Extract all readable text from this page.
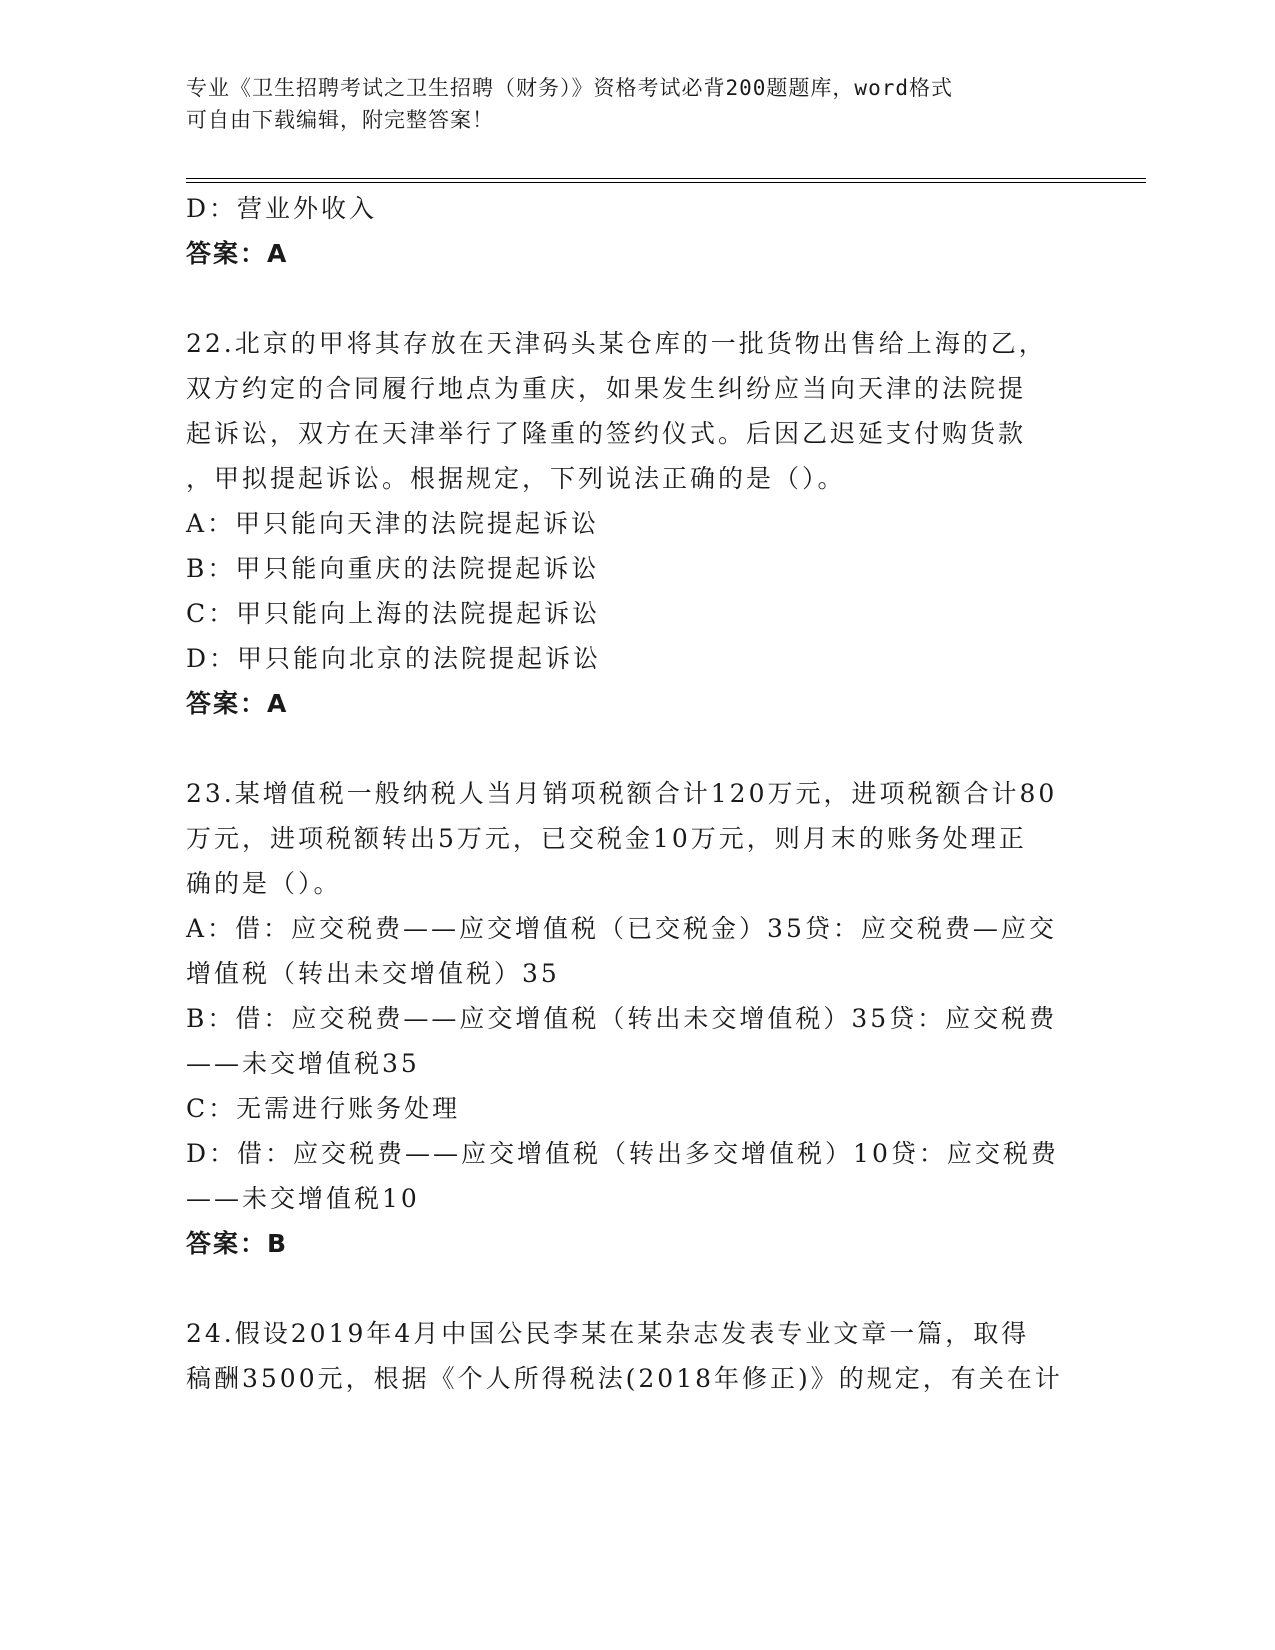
专业《卫生招聘考试之卫生招聘（财务）》资格考试必背200题题库，word格式
可自由下载编辑，附完整答案！
D：营业外收入
答案：A
22.北京的甲将其存放在天津码头某仓库的一批货物出售给上海的乙，
双方约定的合同履行地点为重庆，如果发生纠纷应当向天津的法院提
起诉讼，双方在天津举行了隆重的签约仪式。后因乙迟延支付购货款
，甲拟提起诉讼。根据规定，下列说法正确的是（）。
A：甲只能向天津的法院提起诉讼
B：甲只能向重庆的法院提起诉讼
C：甲只能向上海的法院提起诉讼
D：甲只能向北京的法院提起诉讼
答案：A
23.某增值税一般纳税人当月销项税额合计120万元，进项税额合计80
万元，进项税额转出5万元，已交税金10万元，则月末的账务处理正
确的是（）。
A：借：应交税费——应交增值税（已交税金）35贷：应交税费—应交
增值税（转出未交增值税）35
B：借：应交税费——应交增值税（转出未交增值税）35贷：应交税费
——未交增值税35
C：无需进行账务处理
D：借：应交税费——应交增值税（转出多交增值税）10贷：应交税费
——未交增值税10
答案：B
24.假设2019年4月中国公民李某在某杂志发表专业文章一篇，取得
稿酬3500元，根据《个人所得税法(2018年修正)》的规定，有关在计
